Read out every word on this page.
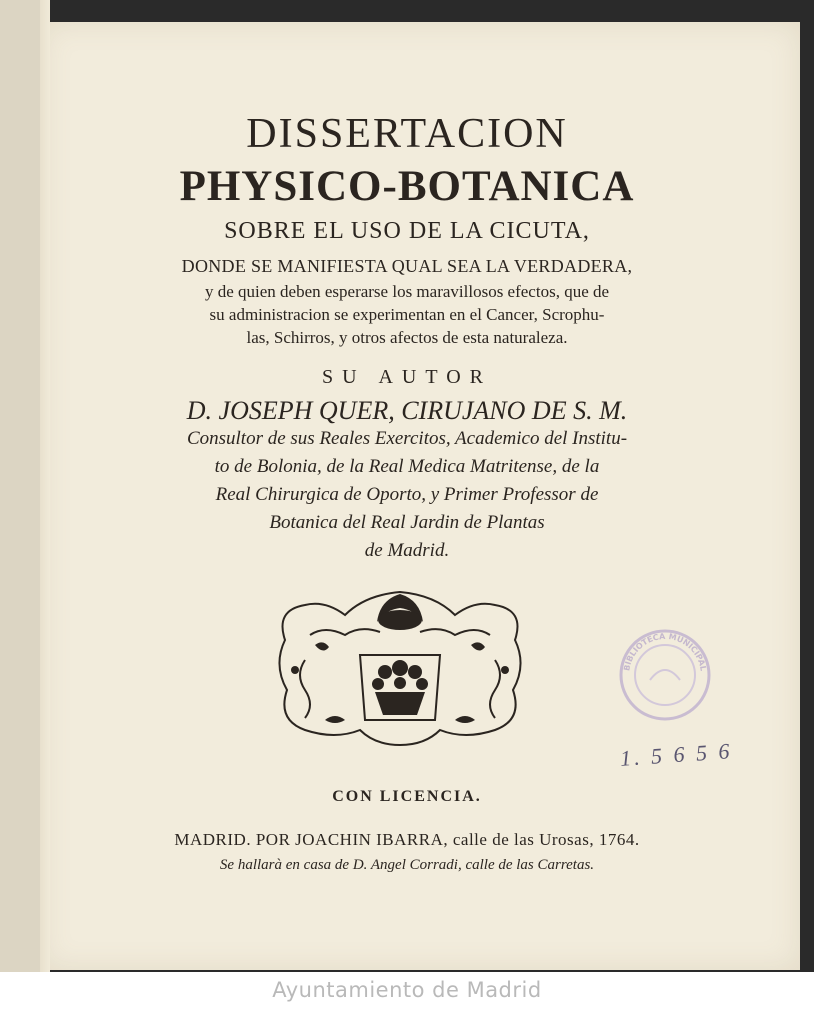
DISSERTACION
PHYSICO-BOTANICA
SOBRE EL USO DE LA CICUTA,
DONDE SE MANIFIESTA QUAL SEA LA VERDADERA,
y de quien deben esperarse los maravillosos efectos, que de
su administracion se experimentan en el Cancer, Scrophu-
las, Schirros, y otros afectos de esta naturaleza.
SU AUTOR
D. JOSEPH QUER, CIRUJANO DE S. M.
Consultor de sus Reales Exercitos, Academico del Institu-
to de Bolonia, de la Real Medica Matritense, de la
Real Chirurgica de Oporto, y Primer Professor de
Botanica del Real Jardin de Plantas
de Madrid.
BIBLIOTECA MUNICIPAL
1. 5 6 5 6
CON LICENCIA.
MADRID. POR JOACHIN IBARRA, calle de las Urosas, 1764.
Se hallarà en casa de D. Angel Corradi, calle de las Carretas.
Ayuntamiento de Madrid
